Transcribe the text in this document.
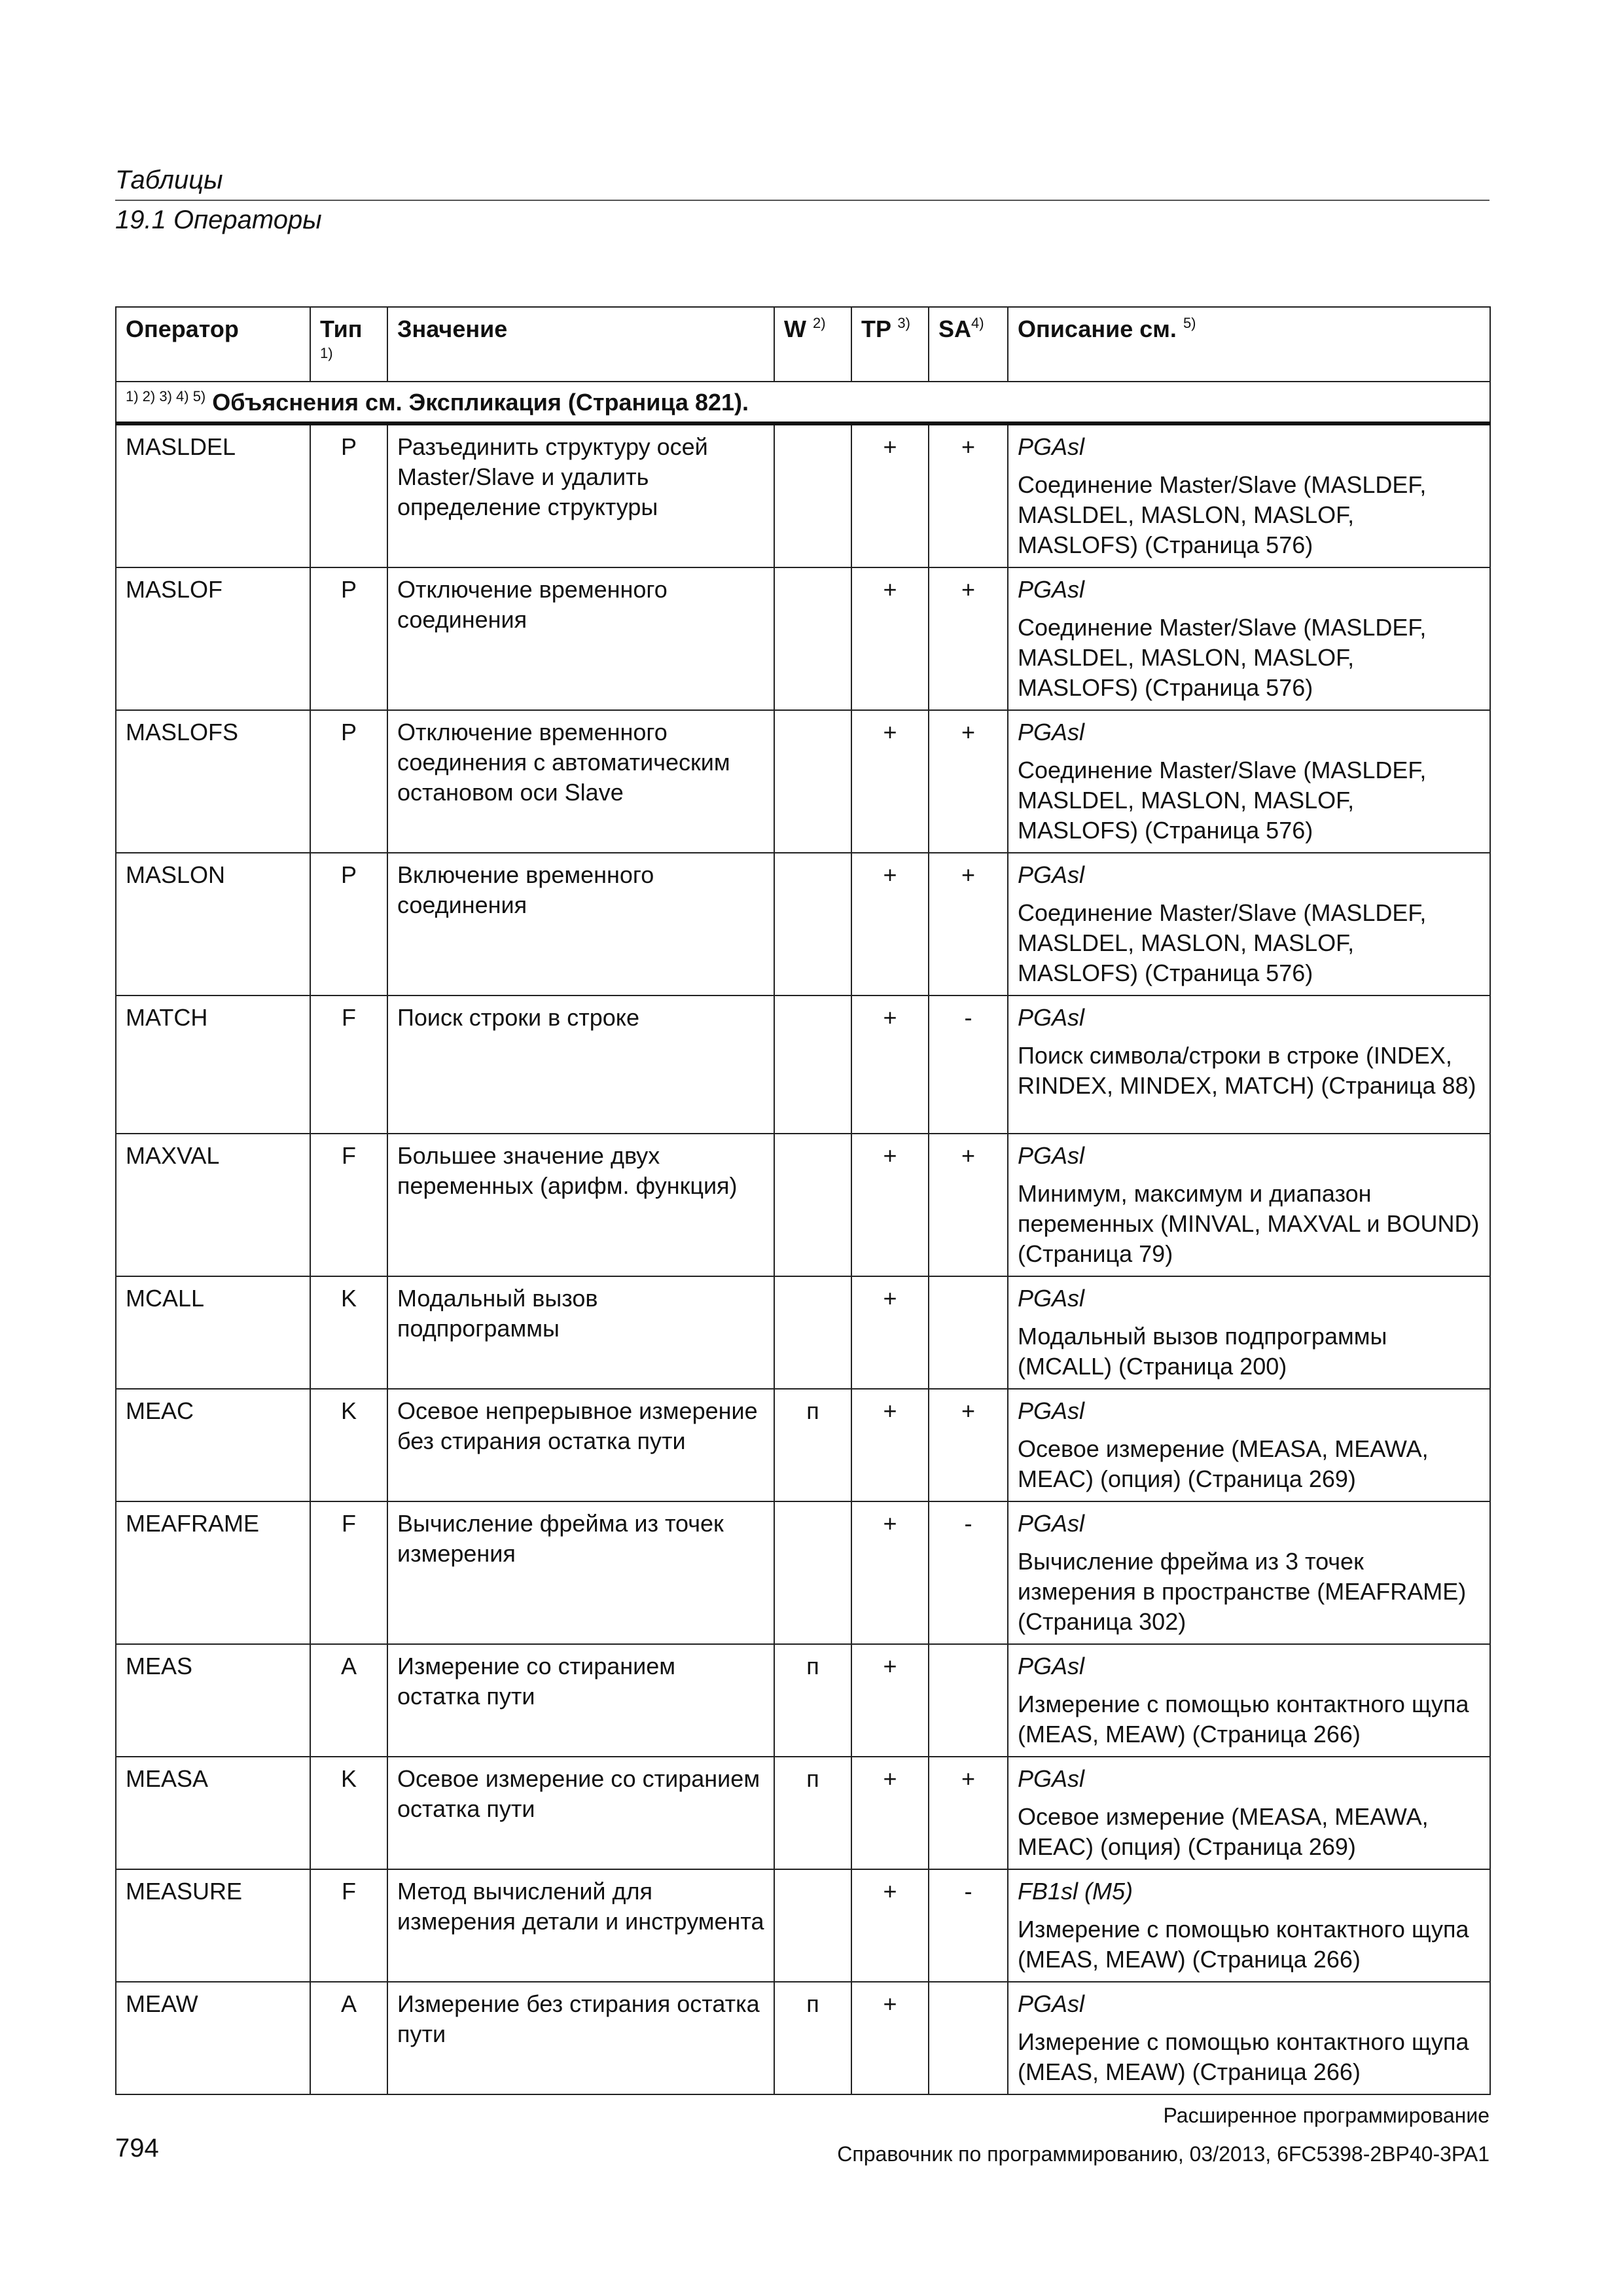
Таблицы
19.1 Операторы
Оператор	Тип $^{1)}$	Значение	W $^{2)}$	TP $^{3)}$	SA$^{4)}$	Описание см. $^{5)}$
$^{1) 2) 3) 4) 5)}$ Объяснения см. Экспликация (Страница 821).						
MASLDEL	P	Разъединить структуру осей Master/Slave и удалить определение структуры		+	+	PGAsl
Соединение Master/Slave (MASLDEF, MASLDEL, MASLON, MASLOF, MASLOFS) (Страница 576)

MASLOF	P	Отключение временного соединения		+	+	PGAsl
Соединение Master/Slave (MASLDEF, MASLDEL, MASLON, MASLOF, MASLOFS) (Страница 576)

MASLOFS	P	Отключение временного соединения с автоматическим остановом оси Slave		+	+	PGAsl
Соединение Master/Slave (MASLDEF, MASLDEL, MASLON, MASLOF, MASLOFS) (Страница 576)

MASLON	P	Включение временного соединения		+	+	PGAsl
Соединение Master/Slave (MASLDEF, MASLDEL, MASLON, MASLOF, MASLOFS) (Страница 576)

MATCH	F	Поиск строки в строке		+	-	PGAsl
Поиск символа/строки в строке (INDEX, RINDEX, MINDEX, MATCH) (Страница 88)

MAXVAL	F	Большее значение двух переменных (арифм. функция)		+	+	PGAsl
Минимум, максимум и диапазон переменных (MINVAL, MAXVAL и BOUND) (Страница 79)

MCALL	K	Модальный вызов подпрограммы		+		PGAsl
Модальный вызов подпрограммы (MCALL) (Страница 200)

MEAC	K	Осевое непрерывное измерение без стирания остатка пути	п	+	+	PGAsl
Осевое измерение (MEASA, MEAWA, MEAC) (опция) (Страница 269)

MEAFRAME	F	Вычисление фрейма из точек измерения		+	-	PGAsl
Вычисление фрейма из 3 точек измерения в пространстве (MEAFRAME) (Страница 302)

MEAS	A	Измерение со стиранием остатка пути	п	+		PGAsl
Измерение с помощью контактного щупа (MEAS, MEAW) (Страница 266)

MEASA	K	Осевое измерение со стиранием остатка пути	п	+	+	PGAsl
Осевое измерение (MEASA, MEAWA, MEAC) (опция) (Страница 269)

MEASURE	F	Метод вычислений для измерения детали и инструмента		+	-	FB1sl (M5)
Измерение с помощью контактного щупа (MEAS, MEAW) (Страница 266)

MEAW	A	Измерение без стирания остатка пути	п	+		PGAsl
Измерение с помощью контактного щупа (MEAS, MEAW) (Страница 266)
Расширенное программирование
794	Справочник по программированию, 03/2013, 6FC5398-2BP40-3PA1
